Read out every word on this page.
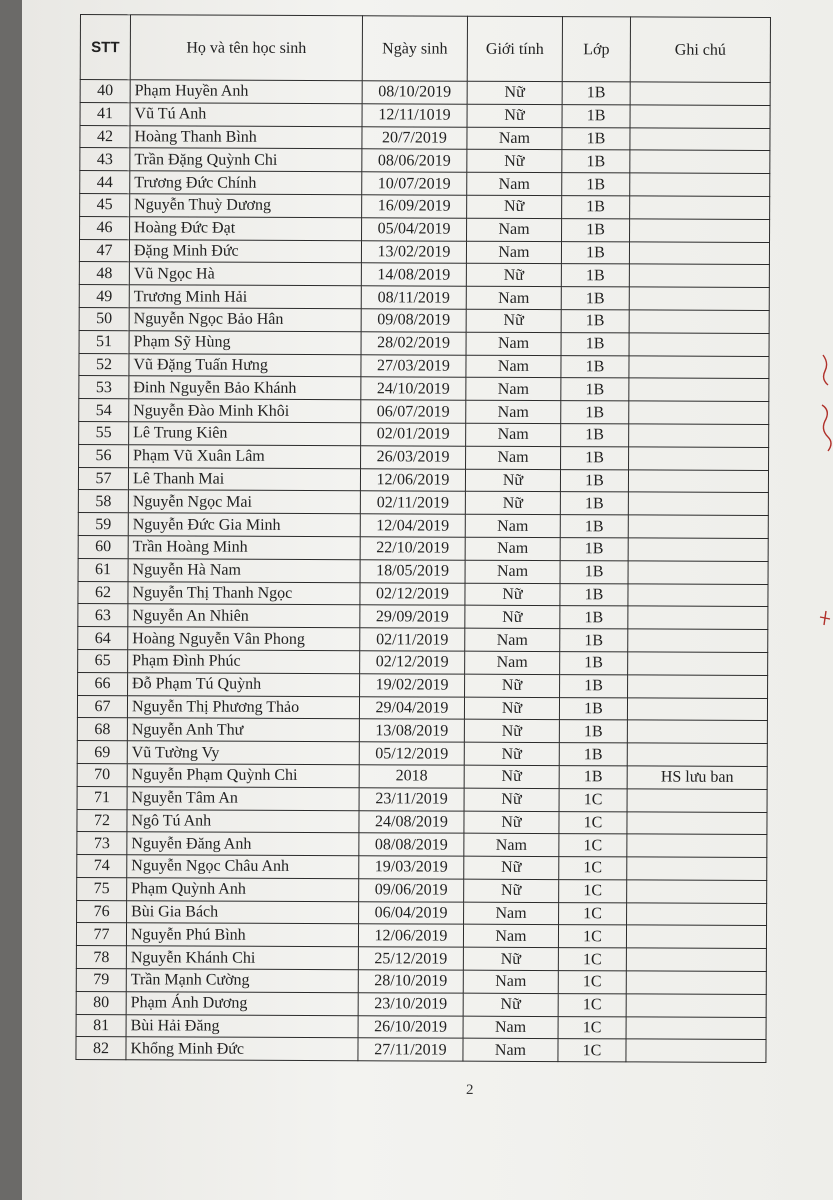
STT	Họ và tên học sinh	Ngày sinh	Giới tính	Lớp	Ghi chú
40	Phạm Huyền Anh	08/10/2019	Nữ	1B	
41	Vũ Tú Anh	12/11/1019	Nữ	1B	
42	Hoàng Thanh Bình	20/7/2019	Nam	1B	
43	Trần Đặng Quỳnh Chi	08/06/2019	Nữ	1B	
44	Trương Đức Chính	10/07/2019	Nam	1B	
45	Nguyễn Thuỳ Dương	16/09/2019	Nữ	1B	
46	Hoàng Đức Đạt	05/04/2019	Nam	1B	
47	Đặng Minh Đức	13/02/2019	Nam	1B	
48	Vũ Ngọc Hà	14/08/2019	Nữ	1B	
49	Trương Minh Hải	08/11/2019	Nam	1B	
50	Nguyễn Ngọc Bảo Hân	09/08/2019	Nữ	1B	
51	Phạm Sỹ Hùng	28/02/2019	Nam	1B	
52	Vũ Đặng Tuấn Hưng	27/03/2019	Nam	1B	
53	Đinh Nguyễn Bảo Khánh	24/10/2019	Nam	1B	
54	Nguyễn Đào Minh Khôi	06/07/2019	Nam	1B	
55	Lê Trung Kiên	02/01/2019	Nam	1B	
56	Phạm Vũ Xuân Lâm	26/03/2019	Nam	1B	
57	Lê Thanh Mai	12/06/2019	Nữ	1B	
58	Nguyễn Ngọc Mai	02/11/2019	Nữ	1B	
59	Nguyễn Đức Gia Minh	12/04/2019	Nam	1B	
60	Trần Hoàng Minh	22/10/2019	Nam	1B	
61	Nguyễn Hà Nam	18/05/2019	Nam	1B	
62	Nguyễn Thị Thanh Ngọc	02/12/2019	Nữ	1B	
63	Nguyễn An Nhiên	29/09/2019	Nữ	1B	
64	Hoàng Nguyễn Vân Phong	02/11/2019	Nam	1B	
65	Phạm Đình Phúc	02/12/2019	Nam	1B	
66	Đỗ Phạm Tú Quỳnh	19/02/2019	Nữ	1B	
67	Nguyễn Thị Phương Thảo	29/04/2019	Nữ	1B	
68	Nguyễn Anh Thư	13/08/2019	Nữ	1B	
69	Vũ Tường Vy	05/12/2019	Nữ	1B	
70	Nguyễn Phạm Quỳnh Chi	2018	Nữ	1B	HS lưu ban
71	Nguyễn Tâm An	23/11/2019	Nữ	1C	
72	Ngô Tú Anh	24/08/2019	Nữ	1C	
73	Nguyễn Đăng Anh	08/08/2019	Nam	1C	
74	Nguyễn Ngọc Châu Anh	19/03/2019	Nữ	1C	
75	Phạm Quỳnh Anh	09/06/2019	Nữ	1C	
76	Bùi Gia Bách	06/04/2019	Nam	1C	
77	Nguyễn Phú Bình	12/06/2019	Nam	1C	
78	Nguyễn Khánh Chi	25/12/2019	Nữ	1C	
79	Trần Mạnh Cường	28/10/2019	Nam	1C	
80	Phạm Ánh Dương	23/10/2019	Nữ	1C	
81	Bùi Hải Đăng	26/10/2019	Nam	1C	
82	Khổng Minh Đức	27/11/2019	Nam	1C	
2
